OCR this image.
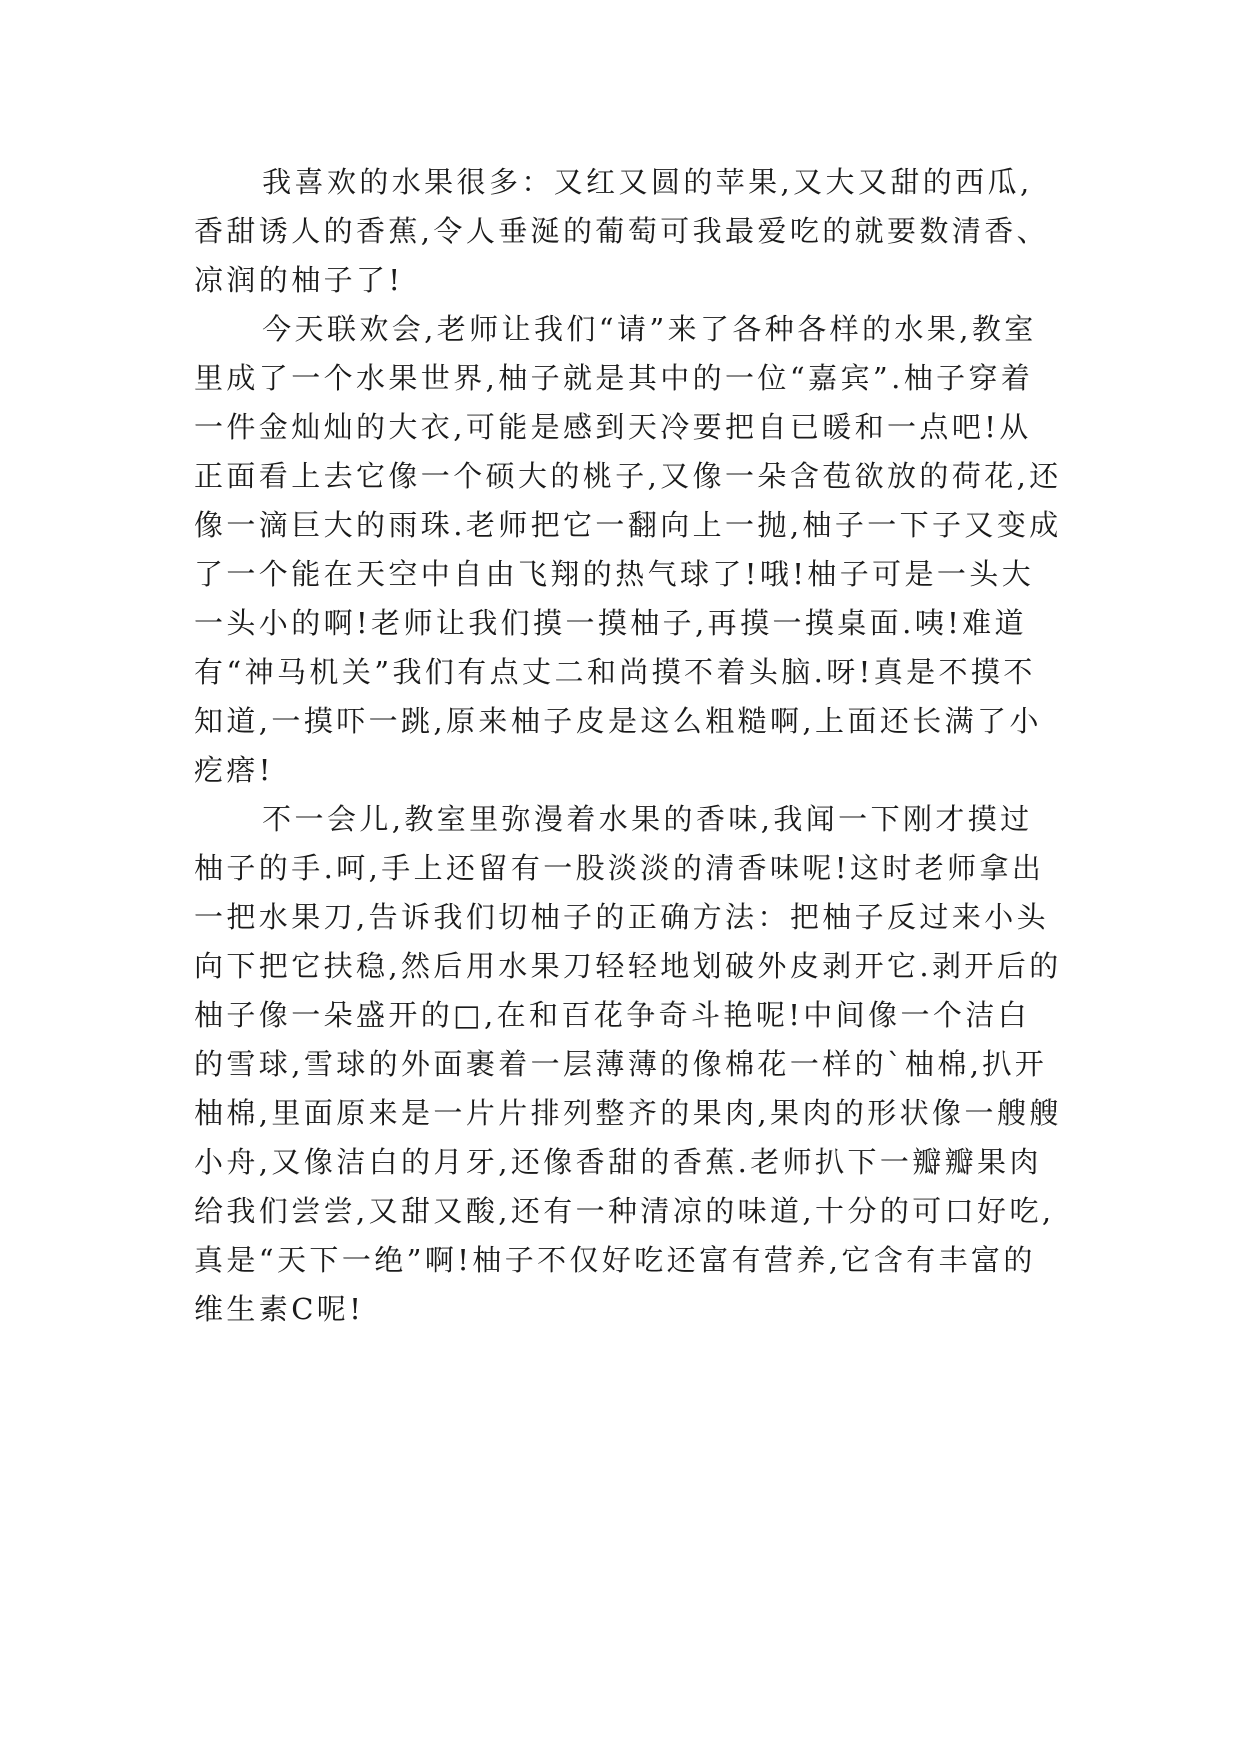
我喜欢的水果很多：又红又圆的苹果,又大又甜的西瓜,香甜诱人的香蕉,令人垂涎的葡萄可我最爱吃的就要数清香、凉润的柚子了!

今天联欢会,老师让我们“请”来了各种各样的水果,教室里成了一个水果世界,柚子就是其中的一位“嘉宾”.柚子穿着一件金灿灿的大衣,可能是感到天冷要把自已暖和一点吧!从正面看上去它像一个硕大的桃子,又像一朵含苞欲放的荷花,还像一滴巨大的雨珠.老师把它一翻向上一抛,柚子一下子又变成了一个能在天空中自由飞翔的热气球了!哦!柚子可是一头大一头小的啊!老师让我们摸一摸柚子,再摸一摸桌面.咦!难道有“神马机关”我们有点丈二和尚摸不着头脑.呀!真是不摸不知道,一摸吓一跳,原来柚子皮是这么粗糙啊,上面还长满了小疙瘩!

不一会儿,教室里弥漫着水果的香味,我闻一下刚才摸过柚子的手.呵,手上还留有一股淡淡的清香味呢!这时老师拿出一把水果刀,告诉我们切柚子的正确方法：把柚子反过来小头向下把它扶稳,然后用水果刀轻轻地划破外皮剥开它.剥开后的柚子像一朵盛开的□,在和百花争奇斗艳呢!中间像一个洁白的雪球,雪球的外面裹着一层薄薄的像棉花一样的`柚棉,扒开柚棉,里面原来是一片片排列整齐的果肉,果肉的形状像一艘艘小舟,又像洁白的月牙,还像香甜的香蕉.老师扒下一瓣瓣果肉给我们尝尝,又甜又酸,还有一种清凉的味道,十分的可口好吃,真是“天下一绝”啊!柚子不仅好吃还富有营养,它含有丰富的维生素C呢!
